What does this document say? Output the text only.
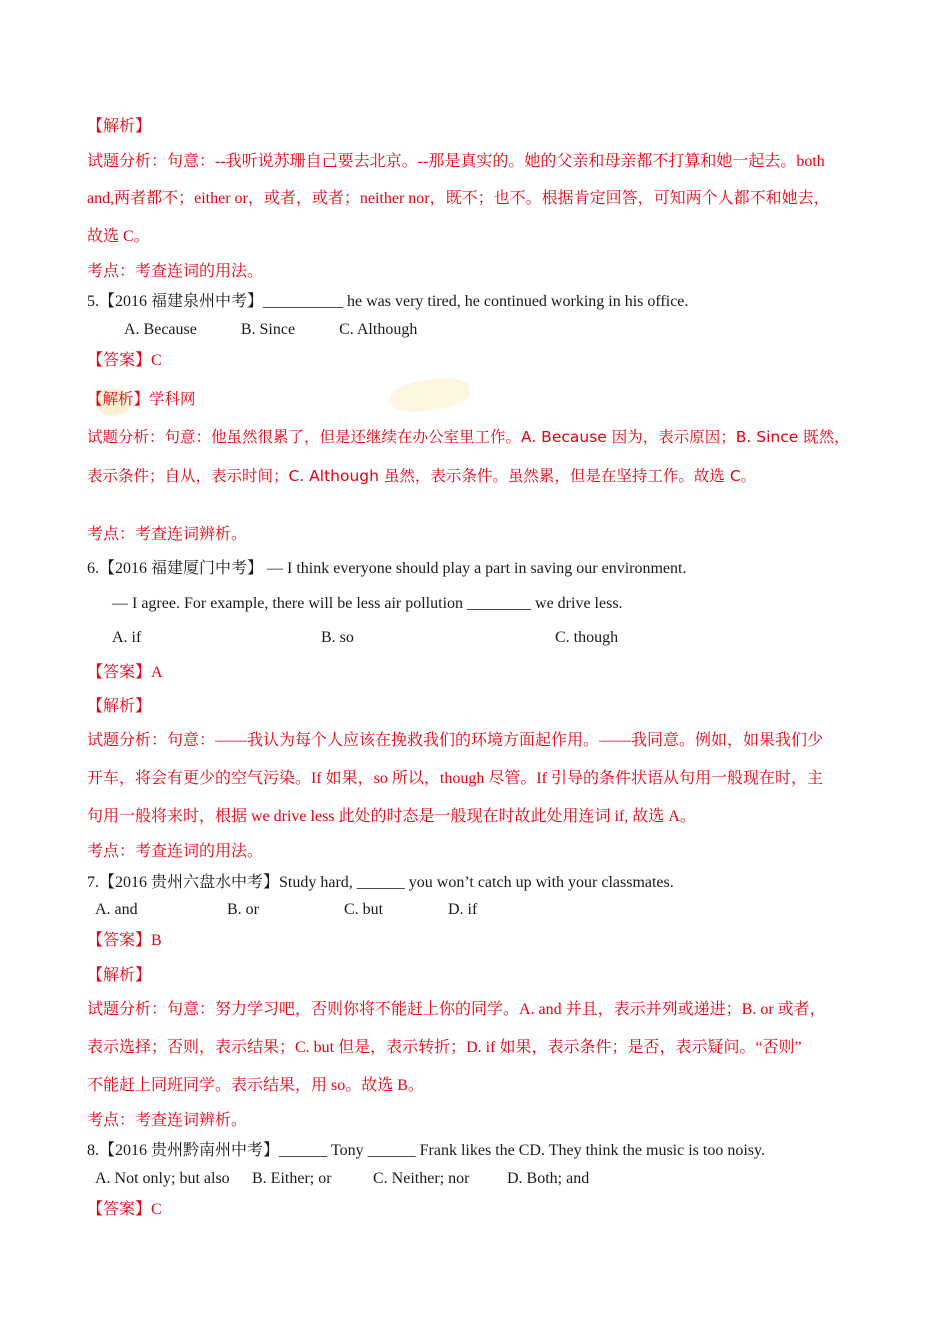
【解析】
试题分析：句意：--我听说苏珊自己要去北京。--那是真实的。她的父亲和母亲都不打算和她一起去。both
and,两者都不；either or，或者，或者；neither nor，既不；也不。根据肯定回答，可知两个人都不和她去，
故选 C。
考点：考查连词的用法。
5.【2016 福建泉州中考】__________ he was very tired, he continued working in his office.
A. Because           B. Since           C. Although
【答案】C
【解析】学科网
试题分析：句意：他虽然很累了，但是还继续在办公室里工作。A. Because 因为，表示原因；B. Since 既然，
表示条件；自从，表示时间；C. Although 虽然，表示条件。虽然累，但是在坚持工作。故选 C。
考点：考查连词辨析。
6.【2016 福建厦门中考】 — I think everyone should play a part in saving our environment.
— I agree. For example, there will be less air pollution ________ we drive less.
A. if	B. so	C. though
【答案】A
【解析】
试题分析：句意：——我认为每个人应该在挽救我们的环境方面起作用。——我同意。例如，如果我们少
开车，将会有更少的空气污染。If 如果，so 所以，though 尽管。If 引导的条件状语从句用一般现在时，主
句用一般将来时，根据 we drive less 此处的时态是一般现在时故此处用连词 if, 故选 A。
考点：考查连词的用法。
7.【2016 贵州六盘水中考】Study hard, ______ you won’t catch up with your classmates.
A. and	B. or	C. but	D. if
【答案】B
【解析】
试题分析：句意：努力学习吧，否则你将不能赶上你的同学。A. and 并且，表示并列或递进；B. or 或者，
表示选择；否则，表示结果；C. but 但是，表示转折；D. if 如果，表示条件；是否，表示疑问。“否则”
不能赶上同班同学。表示结果，用 so。故选 B。
考点：考查连词辨析。
8.【2016 贵州黔南州中考】______ Tony ______ Frank likes the CD. They think the music is too noisy.
A. Not only; but also B. Either; or	C. Neither; nor D. Both; and
【答案】C
